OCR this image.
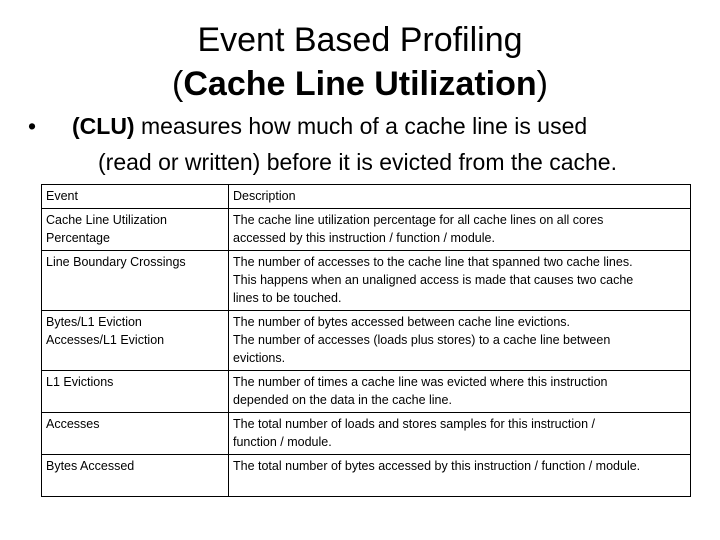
Event Based Profiling
(Cache Line Utilization)
•	(CLU) measures how much of a cache line is used
(read or written) before it is evicted from the cache.
Event	Description

Cache Line Utilization
Percentage	The cache line utilization percentage for all cache lines on all cores
accessed by this instruction / function / module.

Line Boundary Crossings	The number of accesses to the cache line that spanned two cache lines.
This happens when an unaligned access is made that causes two cache
lines to be touched.

Bytes/L1 Eviction
Accesses/L1 Eviction	The number of bytes accessed between cache line evictions.
The number of accesses (loads plus stores) to a cache line between
evictions.

L1 Evictions	The number of times a cache line was evicted where this instruction
depended on the data in the cache line.

Accesses	The total number of loads and stores samples for this instruction /
function / module.

Bytes Accessed	The total number of bytes accessed by this instruction / function / module.
